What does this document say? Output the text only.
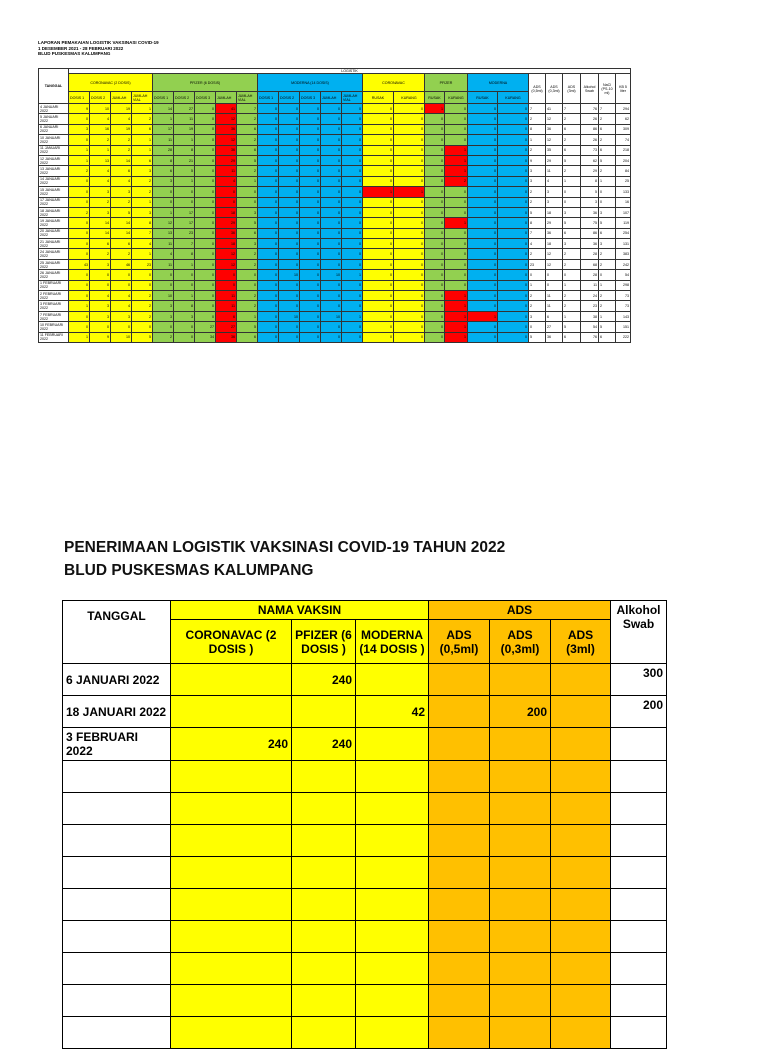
LAPORAN PEMAKAIAN LOGISTIK VAKSINASI COVID-19
1 DESEMBER 2021 - 28 FEBRUARI 2022
BLUD PUSKESMAS KALUMPANG
TANGGAL	LOGISTIK																									
	CORONAVAC (2 DOSIS)				PFIZER (6 DOSIS)					MODERNA (14 DOSIS)					CORONAVAC		PFIZER		MODERNA		ADS (0,5ml)	ADS (0,3ml)	ADS (3ml)	Alkohol Swab	NaCl (PS-10 ml)	KB 5 liter
	DOSIS 1	DOSIS 2	JUMLAH	JUMLAH VIAL	DOSIS 1	DOSIS 2	DOSIS 3	JUMLAH	JUMLAH VIAL	DOSIS 1	DOSIS 2	DOSIS 3	JUMLAH	JUMLAH VIAL	RUSAK	KURANG	RUSAK	KURANG	RUSAK	KURANG						
4 JANUARI 2022	9	10	19	1	14	27	0	41	7	0	0	0	0	0	0	0	1	0	0	0	7	41	7	76	7	294
5 JANUARI 2022	0	4	4	2	1	11	0	12	2	0	0	0	0	0	0	0	0	0	0	0	2	12	2	26	2	62
6 JANUARI 2022	3	16	19	6	17	19	0	36	6	0	0	0	0	0	0	0	0	0	0	0	8	36	6	86	6	309
10 JANUARI 2022	0	2	2	1	11	1	0	12	2	0	0	0	0	0	0	0	0	0	0	0	1	12	2	26	2	74
11 JANUARI 2022	1	1	2	1	28	8	0	36	6	0	0	0	0	0	0	0	0	1	0	0	2	35	6	73	6	218
12 JANUARI 2022	1	13	14	6	8	21	0	29	5	0	0	0	0	0	0	0	0	1	0	0	9	29	5	62	5	204
13 JANUARI 2022	2	4	6	3	6	5	0	11	2	0	0	0	0	0	0	0	0	1	0	0	3	11	2	29	2	84
14 JANUARI 2022	0	4	4	2	3	1	0	4	1	0	0	0	0	0	0	0	0	2	0	0	3	4	1	8	1	25
15 JANUARI 2022	0	3	3	2	0	0	0	0	0	0	0	0	0	0	1	1	0	0	0	0	2	3	0	5	0	133
17 JANUARI 2022	0	2	2	1	0	0	0	0	0	0	0	0	0	0	0	0	0	0	0	0	2	3	0	3	0	16
18 JANUARI 2022	2	3	5	3	1	17	0	18	3	0	0	0	0	0	0	0	0	0	0	0	5	18	3	36	3	107
19 JANUARI 2022	0	14	14	8	12	17	0	29	5	0	0	0	0	0	0	0	0	1	0	0	8	29	5	75	5	119
20 JANUARI 2022	0	14	14	7	13	23	0	36	6	0	0	0	0	0	0	0	0	0	0	0	7	36	6	86	6	254
21 JANUARI 2022	0	6	6	4	11	7	0	18	3	0	0	0	0	0	0	0	0	0	0	0	4	18	3	36	3	131
24 JANUARI 2022	0	2	2	1	4	8	0	12	2	0	0	0	0	0	0	0	0	0	0	0	2	12	2	28	2	383
25 JANUARI 2022	43	3	46	23	11	1	0	12	2	0	0	0	0	0	0	0	0	0	0	0	23	12	2	68	2	242
26 JANUARI 2022	0	0	0	0	0	0	0	0	0	0	10	0	10	1	0	0	0	0	0	0	0	0	0	28	0	54
1 FEBRUARI 2022	0	0	0	0	0	0	0	0	0	0	0	0	0	0	0	0	0	0	0	0	1	0	1	11	1	298
2 FEBRUARI 2022	0	4	4	2	10	1	0	11	2	0	0	0	0	0	0	0	0	1	0	0	2	11	2	24	2	73
3 FEBRUARI 2022	1	3	4	2	3	8	0	11	2	0	0	0	0	0	0	0	0	1	0	0	2	11	2	23	2	73
7 FEBRUARI 2022	0	3	3	2	3	3	0	6	1	0	10	0	10	1	0	0	0	1	1	0	3	6	1	38	1	143
10 FEBRUARI 2022	0	0	0	0	0	0	27	27	5	0	0	0	0	0	0	0	0	1	0	0	0	27	5	54	5	151
11 FEBRUARI 2022	1	9	10	5	2	0	34	36	6	0	0	0	0	0	0	0	0	1	0	0	5	36	6	76	6	222
PENERIMAAN LOGISTIK VAKSINASI COVID-19 TAHUN 2022
BLUD PUSKESMAS KALUMPANG
TANGGAL	NAMA VAKSIN			ADS			Alkohol Swab
	CORONAVAC (2 DOSIS )	PFIZER (6 DOSIS )	MODERNA (14 DOSIS )	ADS (0,5ml)	ADS (0,3ml)	ADS (3ml)	
6 JANUARI 2022		240					300
18 JANUARI 2022			42		200		200
3 FEBRUARI 2022	240	240					
